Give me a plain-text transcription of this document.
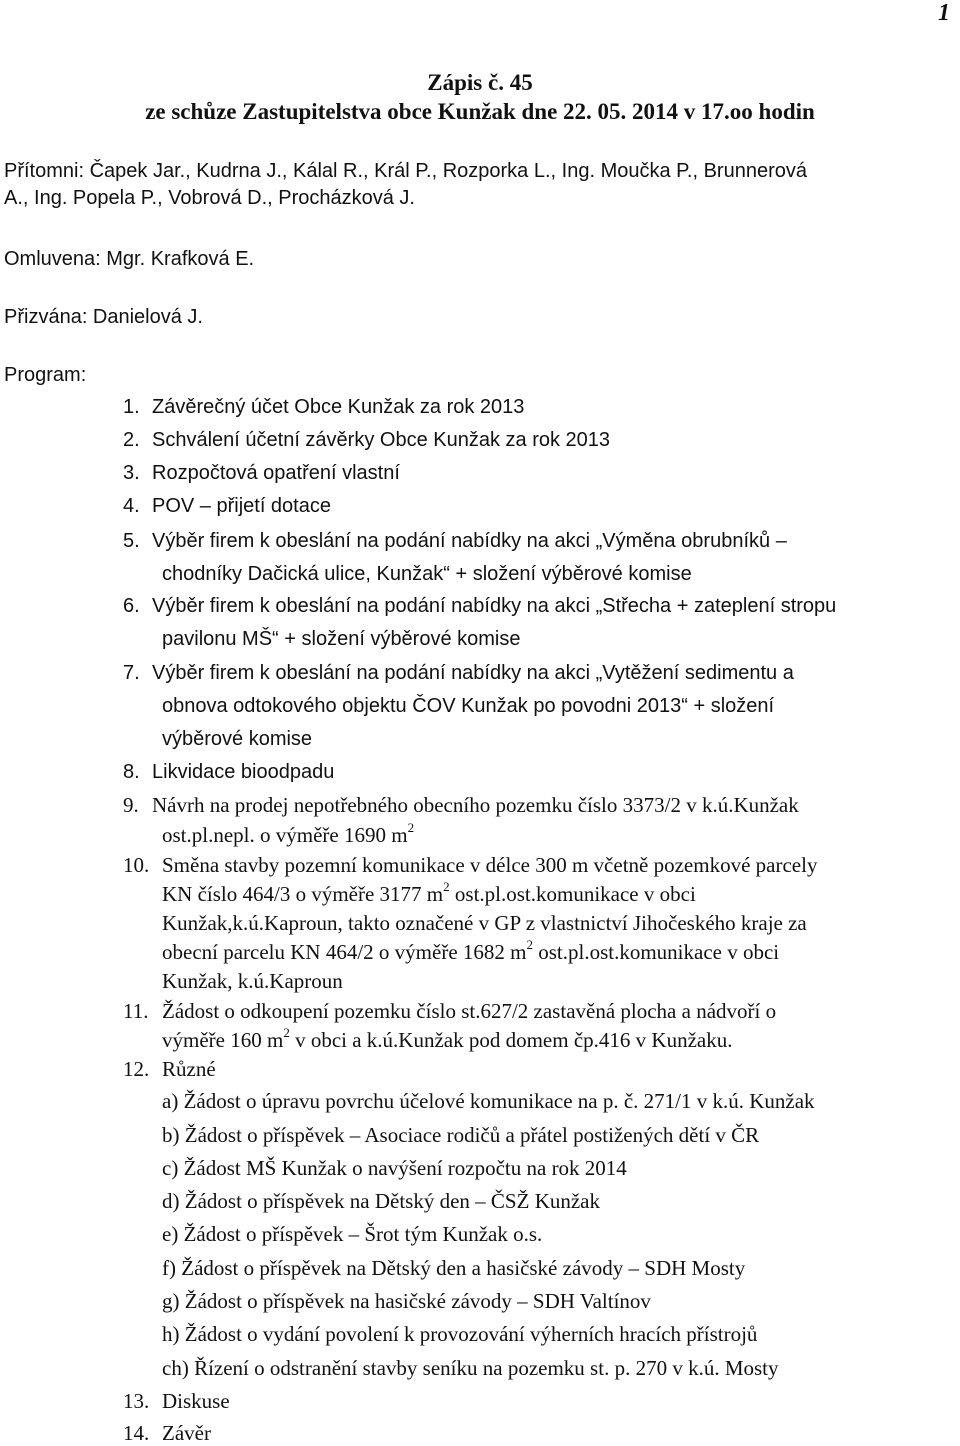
1
Zápis č. 45
ze schůze Zastupitelstva obce Kunžak dne 22. 05. 2014 v 17.oo hodin
Přítomni: Čapek Jar., Kudrna J., Kálal R., Král P., Rozporka L., Ing. Moučka P., Brunnerová
A., Ing. Popela P., Vobrová D., Procházková J.
Omluvena: Mgr. Krafková E.
Přizvána: Danielová J.
Program:
1. Závěrečný účet Obce Kunžak za rok 2013
2. Schválení účetní závěrky Obce Kunžak za rok 2013
3. Rozpočtová opatření vlastní
4. POV – přijetí dotace
5. Výběr firem k obeslání na podání nabídky na akci „Výměna obrubníků –
chodníky Dačická ulice, Kunžak“ + složení výběrové komise
6. Výběr firem k obeslání na podání nabídky na akci „Střecha + zateplení stropu
pavilonu MŠ“ + složení výběrové komise
7. Výběr firem k obeslání na podání nabídky na akci „Vytěžení sedimentu a
obnova odtokového objektu ČOV Kunžak po povodni 2013“ + složení
výběrové komise
8. Likvidace bioodpadu
9. Návrh na prodej nepotřebného obecního pozemku číslo 3373/2 v k.ú.Kunžak
ost.pl.nepl. o výměře 1690 $m^2$
10. Směna stavby pozemní komunikace v délce 300 m včetně pozemkové parcely
KN číslo 464/3 o výměře 3177 $m^2$ ost.pl.ost.komunikace v obci
Kunžak,k.ú.Kaproun, takto označené v GP z vlastnictví Jihočeského kraje za
obecní parcelu KN 464/2 o výměře 1682 $m^2$ ost.pl.ost.komunikace v obci
Kunžak, k.ú.Kaproun
11. Žádost o odkoupení pozemku číslo st.627/2 zastavěná plocha a nádvoří o
výměře 160 $m^2$ v obci a k.ú.Kunžak pod domem čp.416 v Kunžaku.
12. Různé
a) Žádost o úpravu povrchu účelové komunikace na p. č. 271/1 v k.ú. Kunžak
b) Žádost o příspěvek – Asociace rodičů a přátel postižených dětí v ČR
c) Žádost MŠ Kunžak o navýšení rozpočtu na rok 2014
d) Žádost o příspěvek na Dětský den – ČSŽ Kunžak
e) Žádost o příspěvek – Šrot tým Kunžak o.s.
f) Žádost o příspěvek na Dětský den a hasičské závody – SDH Mosty
g) Žádost o příspěvek na hasičské závody – SDH Valtínov
h) Žádost o vydání povolení k provozování výherních hracích přístrojů
ch) Řízení o odstranění stavby seníku na pozemku st. p. 270 v k.ú. Mosty
13. Diskuse
14. Závěr
